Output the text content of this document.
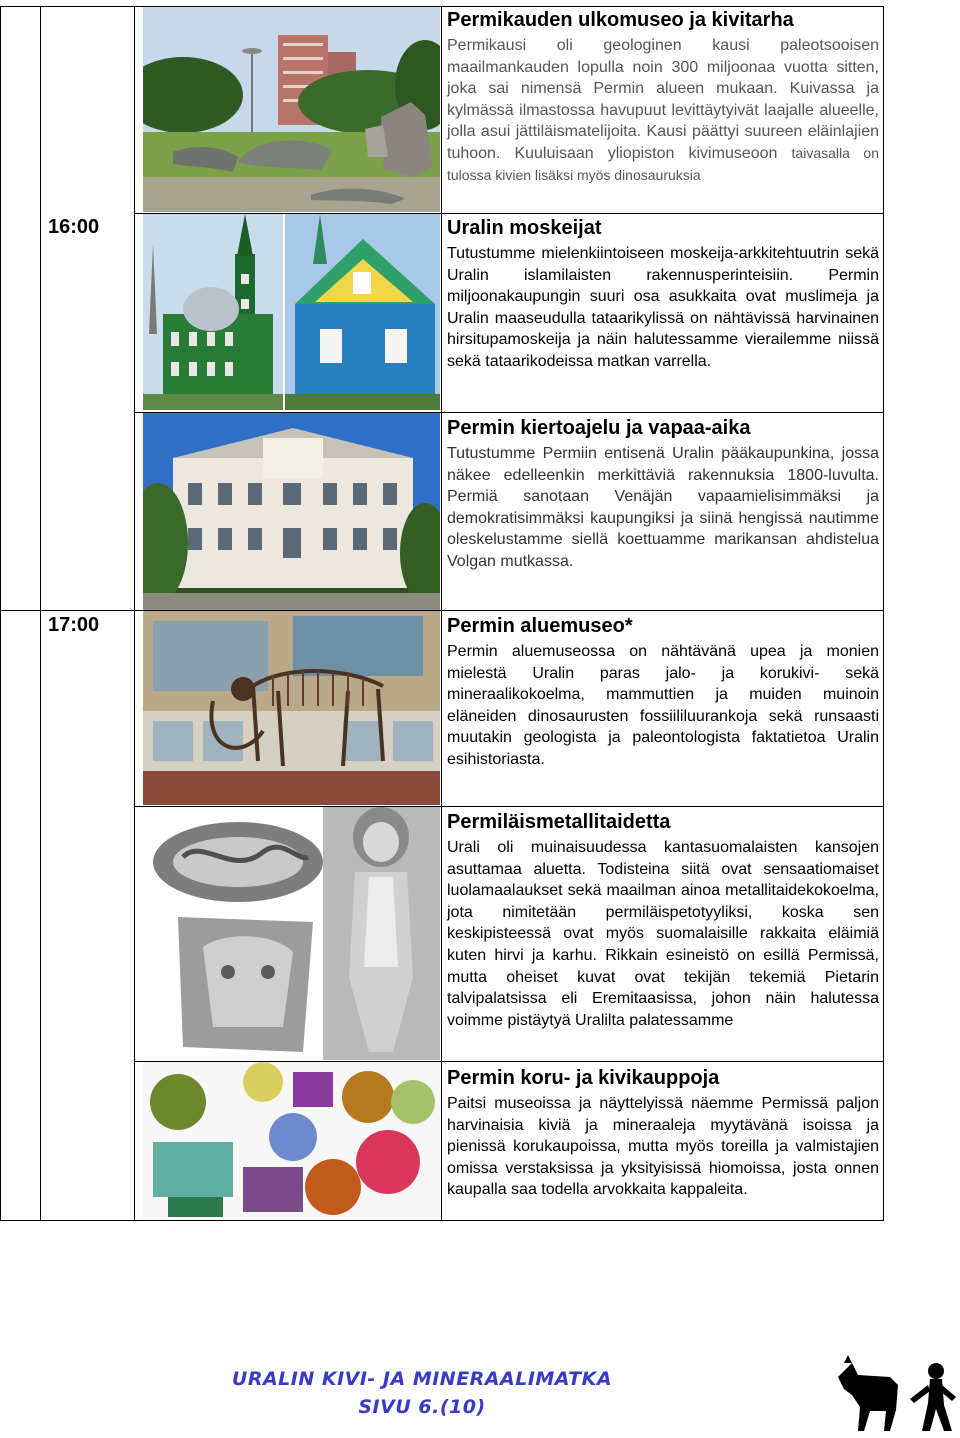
16:00
17:00
Permikauden ulkomuseo ja kivitarha

Permikausi oli geologinen kausi paleotsooisen maailmankauden lopulla noin 300 miljoonaa vuotta sitten, joka sai nimensä Permin alueen mukaan. Kuivassa ja kylmässä ilmastossa havupuut levittäytyivät laajalle alueelle, jolla asui jättiläismatelijoita. Kausi päättyi suureen eläinlajien tuhoon. Kuuluisaan yliopiston kivimuseoon taivasalla on tulossa kivien lisäksi myös dinosauruksia

Uralin moskeijat

Tutustumme mielenkiintoiseen moskeija-arkkitehtuutrin sekä Uralin islamilaisten rakennusperinteisiin. Permin miljoonakaupungin suuri osa asukkaita ovat muslimeja ja Uralin maaseudulla tataarikylissä on nähtävissä harvinainen hirsitupamoskeija ja näin halutessamme vierailemme niissä sekä tataarikodeissa matkan varrella.

Permin kiertoajelu ja vapaa-aika

Tutustumme Permiin entisenä Uralin pääkaupunkina, jossa näkee edelleenkin merkittäviä rakennuksia 1800-luvulta. Permiä sanotaan Venäjän vapaamielisimmäksi ja demokratisimmäksi kaupungiksi ja siinä hengissä nautimme oleskelustamme siellä koettuamme marikansan ahdistelua Volgan mutkassa.

Permin aluemuseo*

Permin aluemuseossa on nähtävänä upea ja monien mielestä Uralin paras jalo- ja korukivi- sekä mineraalikokoelma, mammuttien ja muiden muinoin eläneiden dinosaurusten fossiililuurankoja sekä runsaasti muutakin geologista ja paleontologista faktatietoa Uralin esihistoriasta.

Permiläismetallitaidetta

Urali oli muinaisuudessa kantasuomalaisten kansojen asuttamaa aluetta. Todisteina siitä ovat sensaatiomaiset luolamaalaukset sekä maailman ainoa metallitaidekokoelma, jota nimitetään permiläispetotyyliksi, koska sen keskipisteessä ovat myös suomalaisille rakkaita eläimiä kuten hirvi ja karhu. Rikkain esineistö on esillä Permissä, mutta oheiset kuvat ovat tekijän tekemiä Pietarin talvipalatsissa eli Eremitaasissa, johon näin halutessa voimme pistäytyä Uralilta palatessamme

Permin koru- ja kivikauppoja

Paitsi museoissa ja näyttelyissä näemme Permissä paljon harvinaisia kiviä ja mineraaleja myytävänä isoissa ja pienissä korukaupoissa, mutta myös toreilla ja valmistajien omissa verstaksissa ja yksityisissä hiomoissa, josta onnen kaupalla saa todella arvokkaita kappaleita.

URALIN KIVI- JA MINERAALIMATKA
SIVU 6.(10)
